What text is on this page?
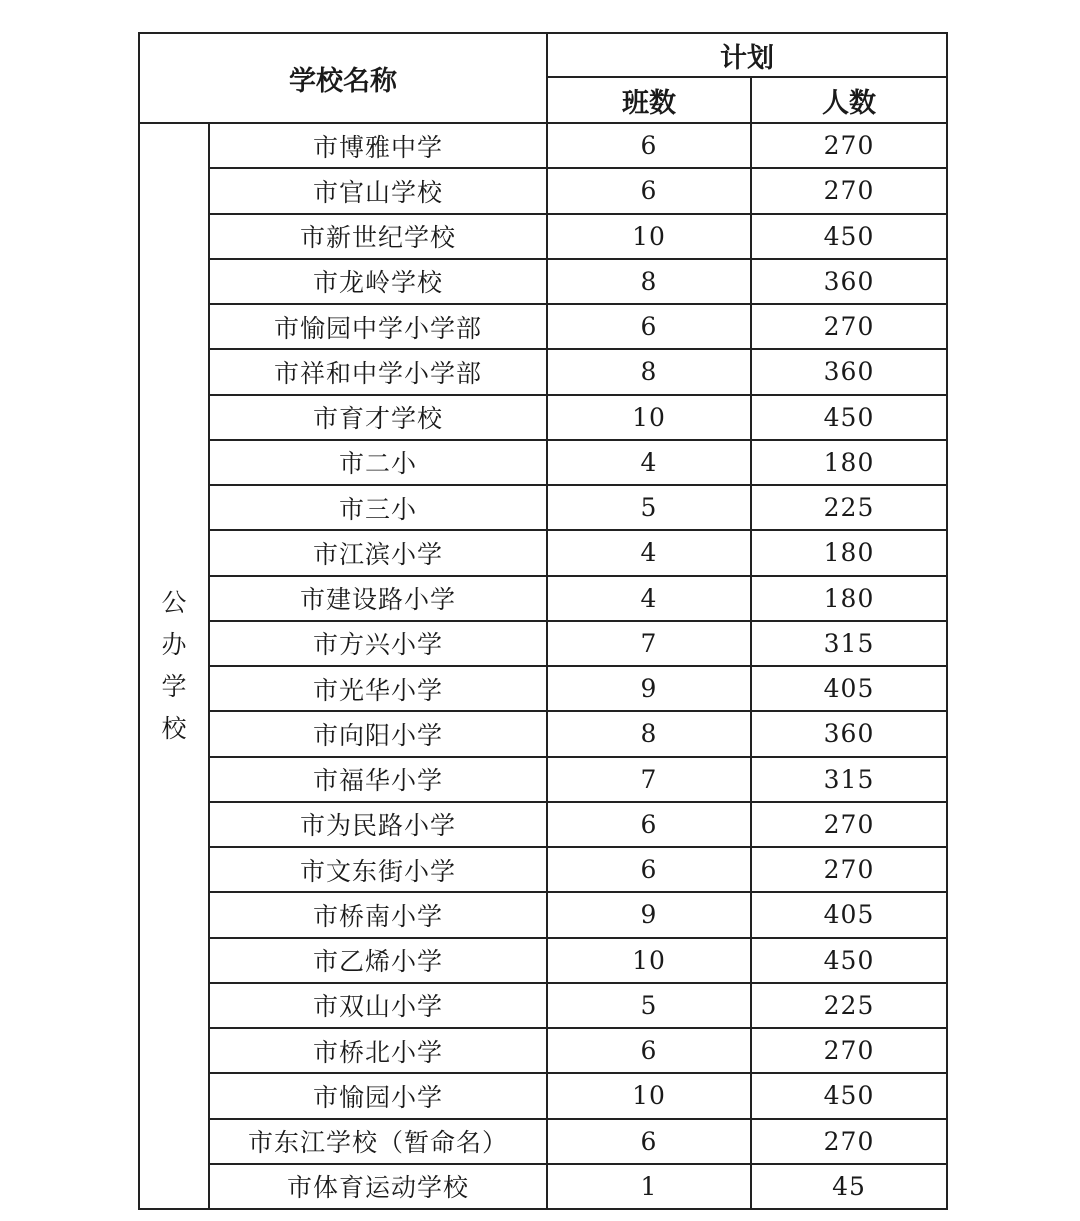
学校名称		计划	
		班数	人数
公办学校	市博雅中学	6	270
	市官山学校	6	270
	市新世纪学校	10	450
	市龙岭学校	8	360
	市愉园中学小学部	6	270
	市祥和中学小学部	8	360
	市育才学校	10	450
	市二小	4	180
	市三小	5	225
	市江滨小学	4	180
	市建设路小学	4	180
	市方兴小学	7	315
	市光华小学	9	405
	市向阳小学	8	360
	市福华小学	7	315
	市为民路小学	6	270
	市文东街小学	6	270
	市桥南小学	9	405
	市乙烯小学	10	450
	市双山小学	5	225
	市桥北小学	6	270
	市愉园小学	10	450
	市东江学校（暂命名）	6	270
	市体育运动学校	1	45
